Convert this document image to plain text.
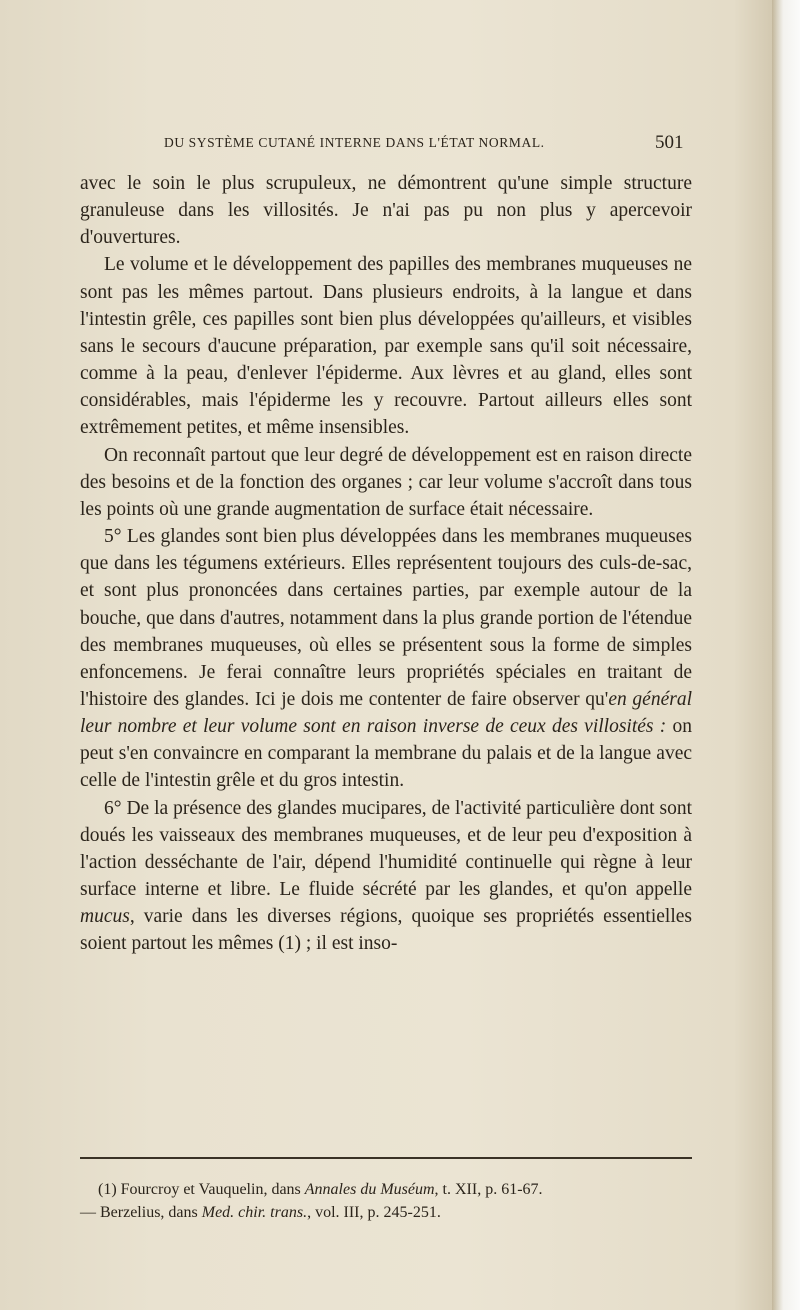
DU SYSTÈME CUTANÉ INTERNE DANS L'ÉTAT NORMAL.	501

avec le soin le plus scrupuleux, ne démontrent qu'une simple structure granuleuse dans les villosités. Je n'ai pas pu non plus y apercevoir d'ouvertures.

Le volume et le développement des papilles des membranes muqueuses ne sont pas les mêmes partout. Dans plusieurs endroits, à la langue et dans l'intestin grêle, ces papilles sont bien plus développées qu'ailleurs, et visibles sans le secours d'aucune préparation, par exemple sans qu'il soit nécessaire, comme à la peau, d'enlever l'épiderme. Aux lèvres et au gland, elles sont considérables, mais l'épiderme les y recouvre. Partout ailleurs elles sont extrêmement petites, et même insensibles.

On reconnaît partout que leur degré de développement est en raison directe des besoins et de la fonction des organes ; car leur volume s'accroît dans tous les points où une grande augmentation de surface était nécessaire.

5° Les glandes sont bien plus développées dans les membranes muqueuses que dans les tégumens extérieurs. Elles représentent toujours des culs-de-sac, et sont plus prononcées dans certaines parties, par exemple autour de la bouche, que dans d'autres, notamment dans la plus grande portion de l'étendue des membranes muqueuses, où elles se présentent sous la forme de simples enfoncemens. Je ferai connaître leurs propriétés spéciales en traitant de l'histoire des glandes. Ici je dois me contenter de faire observer qu'en général leur nombre et leur volume sont en raison inverse de ceux des villosités : on peut s'en convaincre en comparant la membrane du palais et de la langue avec celle de l'intestin grêle et du gros intestin.

6° De la présence des glandes mucipares, de l'activité particulière dont sont doués les vaisseaux des membranes muqueuses, et de leur peu d'exposition à l'action desséchante de l'air, dépend l'humidité continuelle qui règne à leur surface interne et libre. Le fluide sécrété par les glandes, et qu'on appelle mucus, varie dans les diverses régions, quoique ses propriétés essentielles soient partout les mêmes (1) ; il est inso-

(1) Fourcroy et Vauquelin, dans Annales du Muséum, t. XII, p. 61-67.

— Berzelius, dans Med. chir. trans., vol. III, p. 245-251.
